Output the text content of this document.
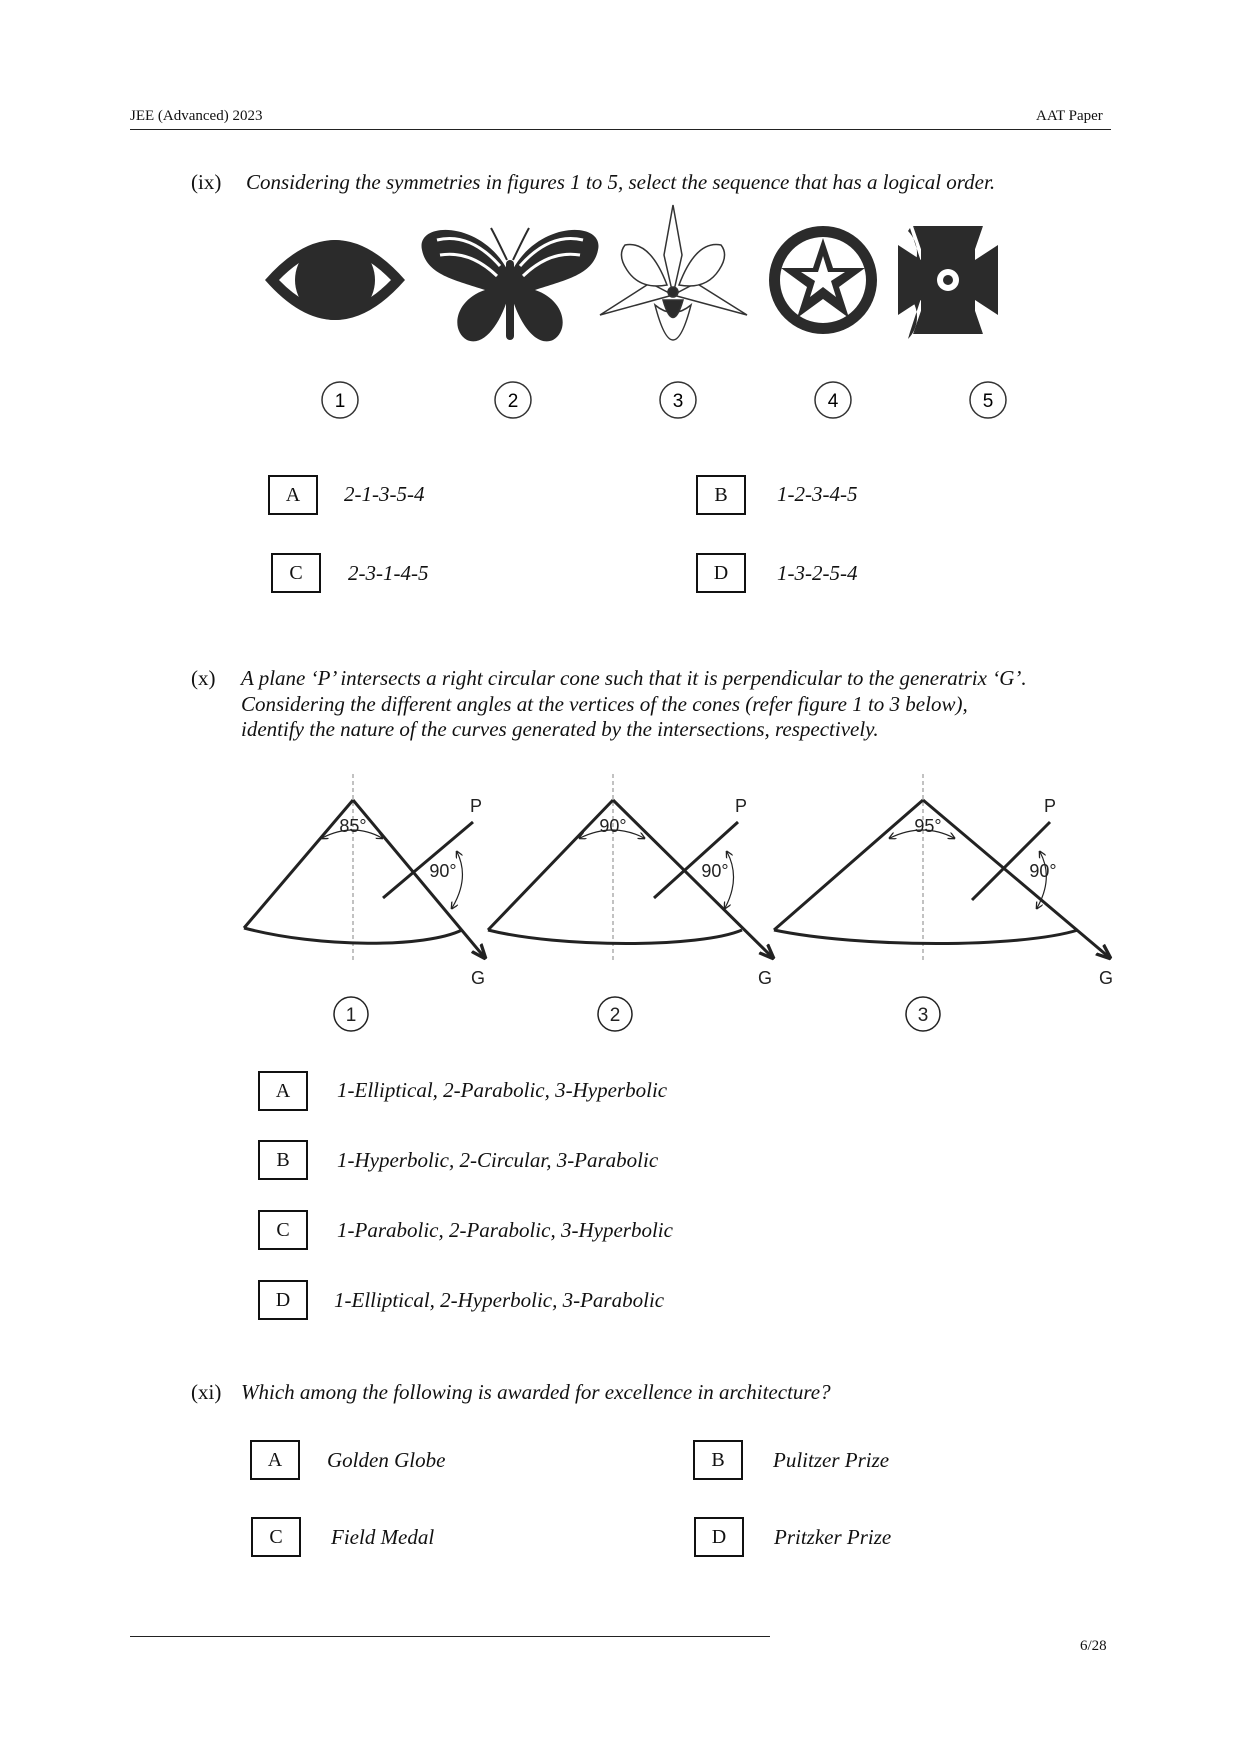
JEE (Advanced) 2023	AAT Paper
(ix) Considering the symmetries in figures 1 to 5, select the sequence that has a logical order.
1	2	3	4	5
A	2-1-3-5-4	B	1-2-3-4-5
C	2-3-1-4-5	D	1-3-2-5-4
(x) A plane ‘P’ intersects a right circular cone such that it is perpendicular to the generatrix ‘G’.
Considering the different angles at the vertices of the cones (refer figure 1 to 3 below),
identify the nature of the curves generated by the intersections, respectively.
85°
90°
P
G
1
90°
90°
P
G
2
95°
90°
P
G
3
A	1-Elliptical, 2-Parabolic, 3-Hyperbolic
B	1-Hyperbolic, 2-Circular, 3-Parabolic
C	1-Parabolic, 2-Parabolic, 3-Hyperbolic
D	1-Elliptical, 2-Hyperbolic, 3-Parabolic
(xi) Which among the following is awarded for excellence in architecture?
A	Golden Globe	B	Pulitzer Prize
C	Field Medal	D	Pritzker Prize
6/28
